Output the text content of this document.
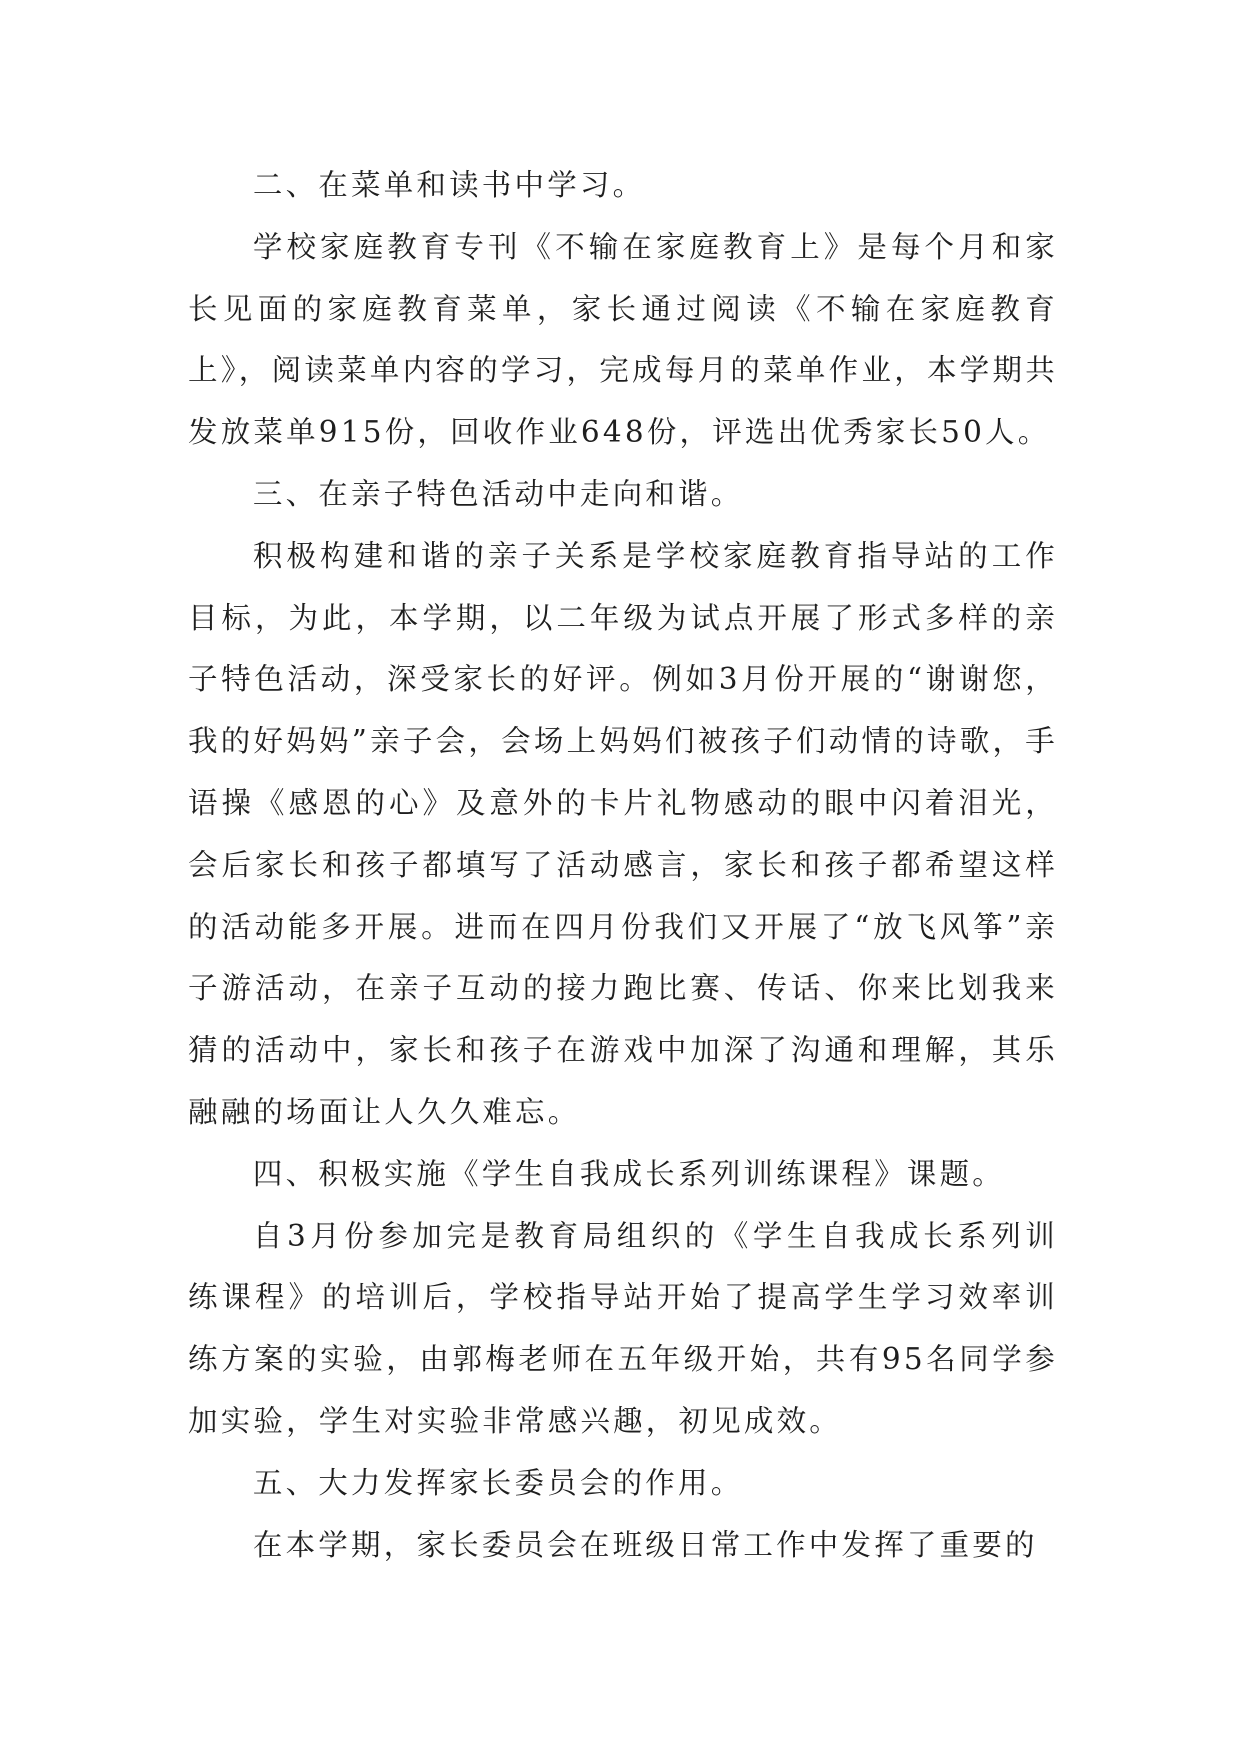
二、在菜单和读书中学习。

学校家庭教育专刊《不输在家庭教育上》是每个月和家长见面的家庭教育菜单，家长通过阅读《不输在家庭教育上》，阅读菜单内容的学习，完成每月的菜单作业，本学期共发放菜单915份，回收作业648份，评选出优秀家长50人。

三、在亲子特色活动中走向和谐。

积极构建和谐的亲子关系是学校家庭教育指导站的工作目标，为此，本学期，以二年级为试点开展了形式多样的亲子特色活动，深受家长的好评。例如3月份开展的“谢谢您，我的好妈妈”亲子会，会场上妈妈们被孩子们动情的诗歌，手语操《感恩的心》及意外的卡片礼物感动的眼中闪着泪光，会后家长和孩子都填写了活动感言，家长和孩子都希望这样的活动能多开展。进而在四月份我们又开展了“放飞风筝”亲子游活动，在亲子互动的接力跑比赛、传话、你来比划我来猜的活动中，家长和孩子在游戏中加深了沟通和理解，其乐融融的场面让人久久难忘。

四、积极实施《学生自我成长系列训练课程》课题。

自3月份参加完是教育局组织的《学生自我成长系列训练课程》的培训后，学校指导站开始了提高学生学习效率训练方案的实验，由郭梅老师在五年级开始，共有95名同学参加实验，学生对实验非常感兴趣，初见成效。

五、大力发挥家长委员会的作用。

在本学期，家长委员会在班级日常工作中发挥了重要的
